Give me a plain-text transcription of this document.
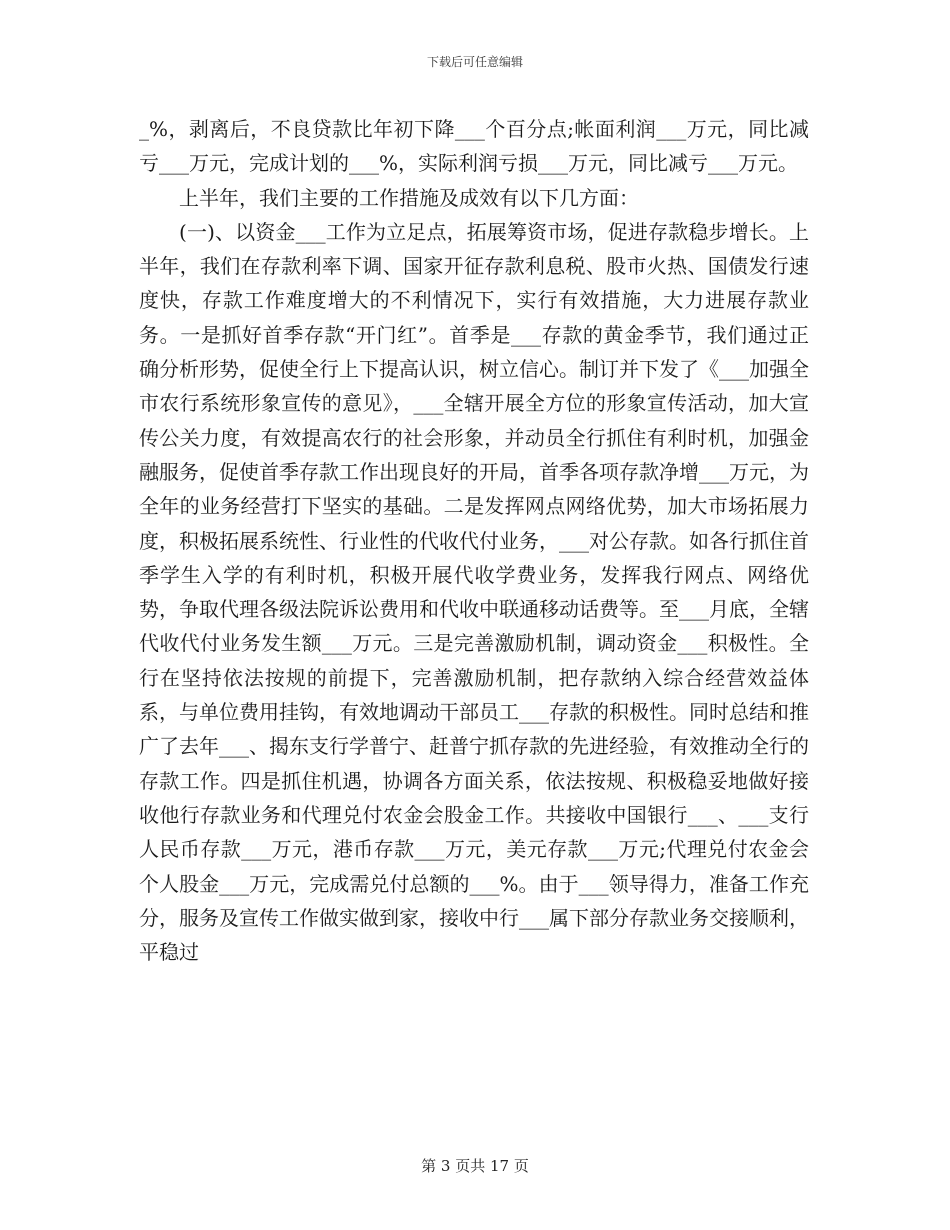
下载后可任意编辑

_%，剥离后，不良贷款比年初下降___个百分点;帐面利润___万元，同比减亏___万元，完成计划的___%，实际利润亏损___万元，同比减亏___万元。

上半年，我们主要的工作措施及成效有以下几方面：

(一)、以资金___工作为立足点，拓展筹资市场，促进存款稳步增长。上半年，我们在存款利率下调、国家开征存款利息税、股市火热、国债发行速度快，存款工作难度增大的不利情况下，实行有效措施，大力进展存款业务。一是抓好首季存款“开门红”。首季是___存款的黄金季节，我们通过正确分析形势，促使全行上下提高认识，树立信心。制订并下发了《___加强全市农行系统形象宣传的意见》，___全辖开展全方位的形象宣传活动，加大宣传公关力度，有效提高农行的社会形象，并动员全行抓住有利时机，加强金融服务，促使首季存款工作出现良好的开局，首季各项存款净增___万元，为全年的业务经营打下坚实的基础。二是发挥网点网络优势，加大市场拓展力度，积极拓展系统性、行业性的代收代付业务，___对公存款。如各行抓住首季学生入学的有利时机，积极开展代收学费业务，发挥我行网点、网络优势，争取代理各级法院诉讼费用和代收中联通移动话费等。至___月底，全辖代收代付业务发生额___万元。三是完善激励机制，调动资金___积极性。全行在坚持依法按规的前提下，完善激励机制，把存款纳入综合经营效益体系，与单位费用挂钩，有效地调动干部员工___存款的积极性。同时总结和推广了去年___、揭东支行学普宁、赶普宁抓存款的先进经验，有效推动全行的存款工作。四是抓住机遇，协调各方面关系，依法按规、积极稳妥地做好接收他行存款业务和代理兑付农金会股金工作。共接收中国银行___、___支行人民币存款___万元，港币存款___万元，美元存款___万元;代理兑付农金会个人股金___万元，完成需兑付总额的___%。由于___领导得力，准备工作充分，服务及宣传工作做实做到家，接收中行___属下部分存款业务交接顺利，平稳过

第 3 页共 17 页
